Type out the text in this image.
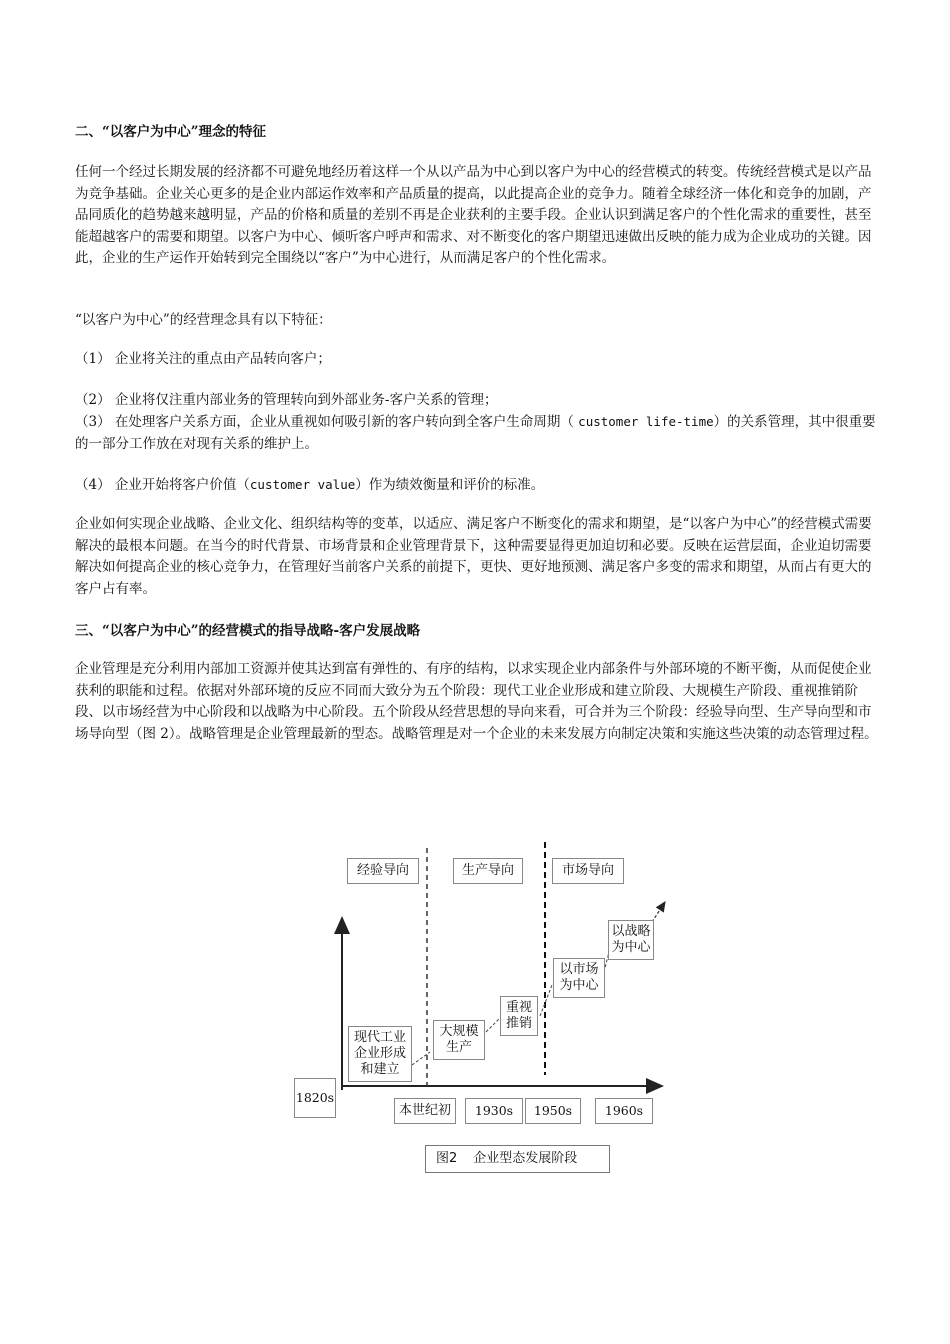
二、“以客户为中心”理念的特征

任何一个经过长期发展的经济都不可避免地经历着这样一个从以产品为中心到以客户为中心的经营模式的转变。传统经营模式是以产品为竞争基础。企业关心更多的是企业内部运作效率和产品质量的提高，以此提高企业的竞争力。随着全球经济一体化和竞争的加剧，产品同质化的趋势越来越明显，产品的价格和质量的差别不再是企业获利的主要手段。企业认识到满足客户的个性化需求的重要性，甚至能超越客户的需要和期望。以客户为中心、倾听客户呼声和需求、对不断变化的客户期望迅速做出反映的能力成为企业成功的关键。因此，企业的生产运作开始转到完全围绕以“客户”为中心进行，从而满足客户的个性化需求。

“以客户为中心”的经营理念具有以下特征：

（1） 企业将关注的重点由产品转向客户；

（2） 企业将仅注重内部业务的管理转向到外部业务-客户关系的管理；

（3） 在处理客户关系方面，企业从重视如何吸引新的客户转向到全客户生命周期（ customer life-time）的关系管理，其中很重要的一部分工作放在对现有关系的维护上。

（4） 企业开始将客户价值（customer value）作为绩效衡量和评价的标准。

企业如何实现企业战略、企业文化、组织结构等的变革，以适应、满足客户不断变化的需求和期望，是“以客户为中心”的经营模式需要解决的最根本问题。在当今的时代背景、市场背景和企业管理背景下，这种需要显得更加迫切和必要。反映在运营层面，企业迫切需要解决如何提高企业的核心竞争力，在管理好当前客户关系的前提下，更快、更好地预测、满足客户多变的需求和期望，从而占有更大的客户占有率。

三、“以客户为中心”的经营模式的指导战略-客户发展战略

企业管理是充分利用内部加工资源并使其达到富有弹性的、有序的结构，以求实现企业内部条件与外部环境的不断平衡，从而促使企业获利的职能和过程。依据对外部环境的反应不同而大致分为五个阶段：现代工业企业形成和建立阶段、大规模生产阶段、重视推销阶段、以市场经营为中心阶段和以战略为中心阶段。五个阶段从经营思想的导向来看，可合并为三个阶段：经验导向型、生产导向型和市场导向型（图 2）。战略管理是企业管理最新的型态。战略管理是对一个企业的未来发展方向制定决策和实施这些决策的动态管理过程。

经验导向	生产导向	市场导向
现代工业
企业形成
和建立
大规模
生产
重视
推销
以市场
为中心
以战略
为中心
1820s
本世纪初	1930s	1950s	1960s
图2 企业型态发展阶段
